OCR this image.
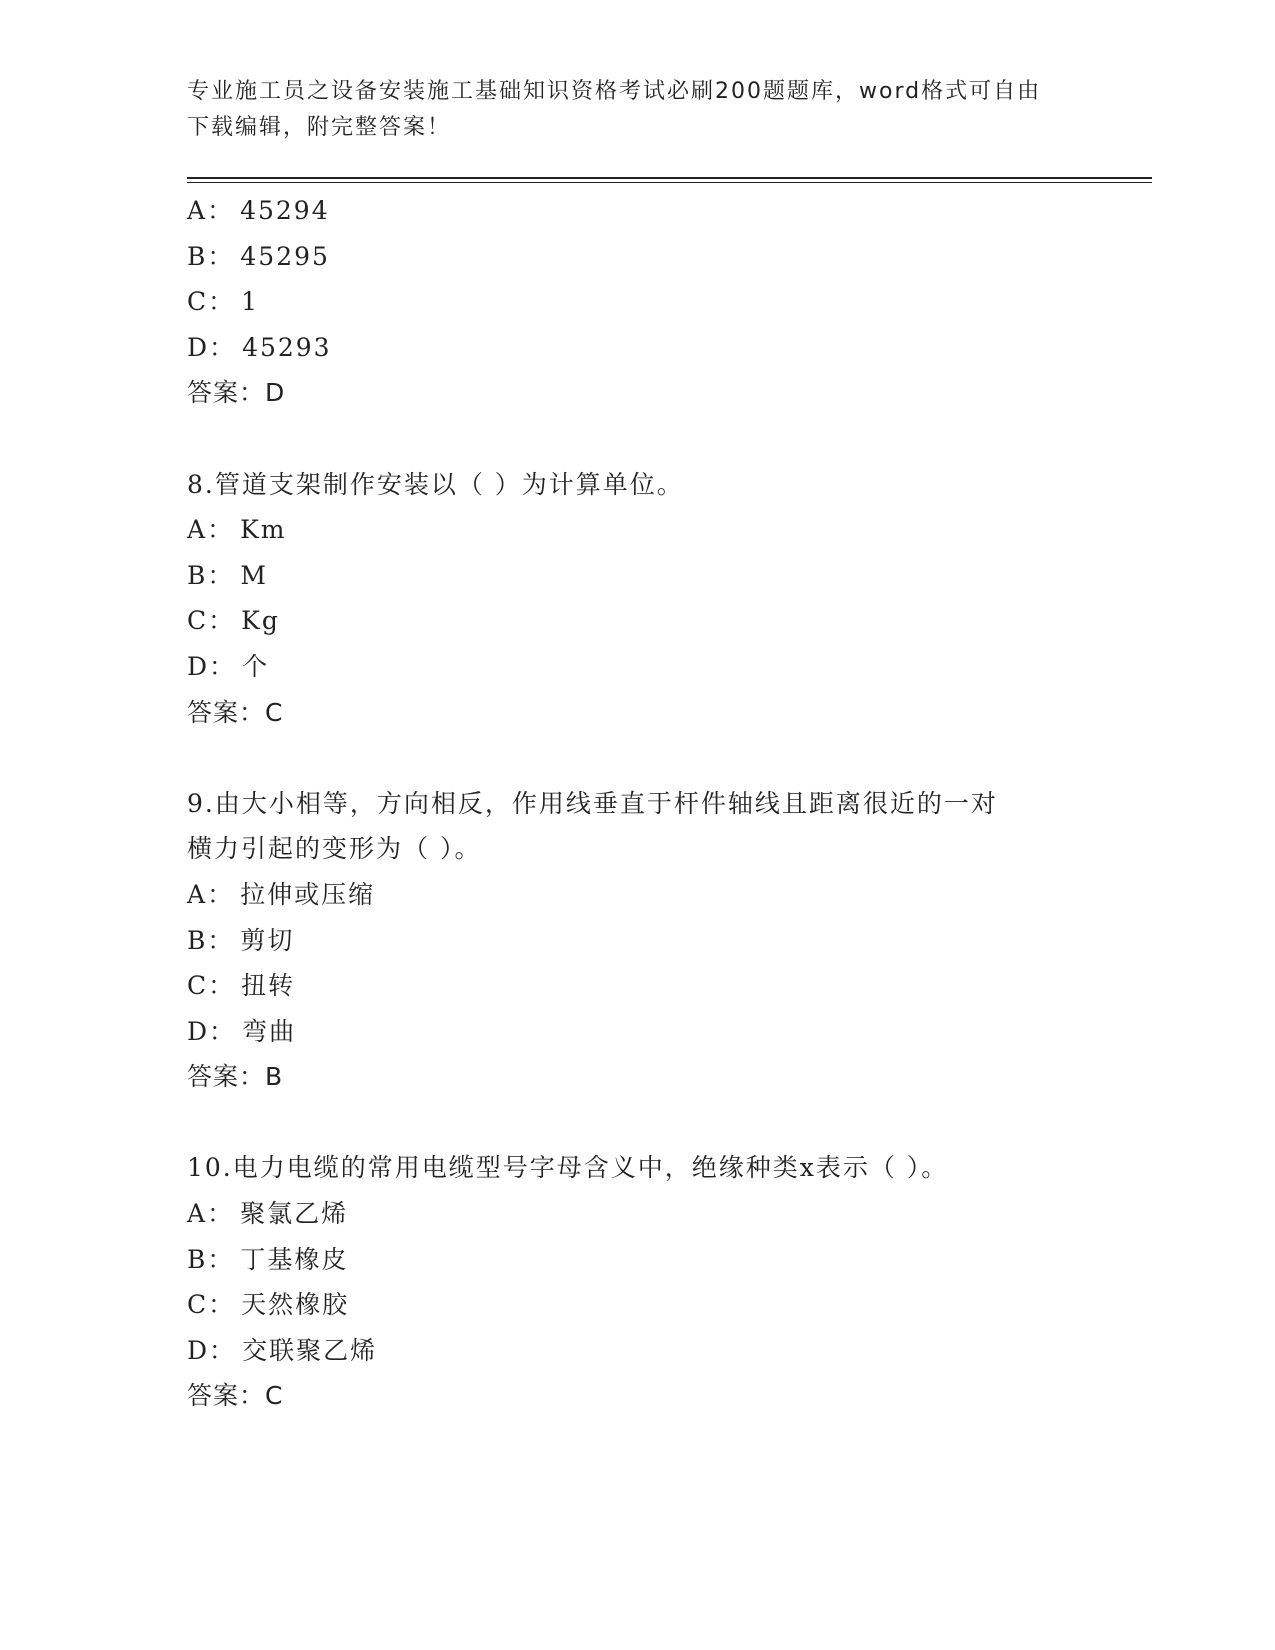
专业施工员之设备安装施工基础知识资格考试必刷200题题库，word格式可自由
下载编辑，附完整答案！
A： 45294
B： 45295
C： 1
D： 45293
答案：D
8.管道支架制作安装以（ ）为计算单位。
A： Km
B： M
C： Kg
D： 个
答案：C
9.由大小相等，方向相反，作用线垂直于杆件轴线且距离很近的一对
横力引起的变形为（ ）。
A： 拉伸或压缩
B： 剪切
C： 扭转
D： 弯曲
答案：B
10.电力电缆的常用电缆型号字母含义中，绝缘种类x表示（ ）。
A： 聚氯乙烯
B： 丁基橡皮
C： 天然橡胶
D： 交联聚乙烯
答案：C
